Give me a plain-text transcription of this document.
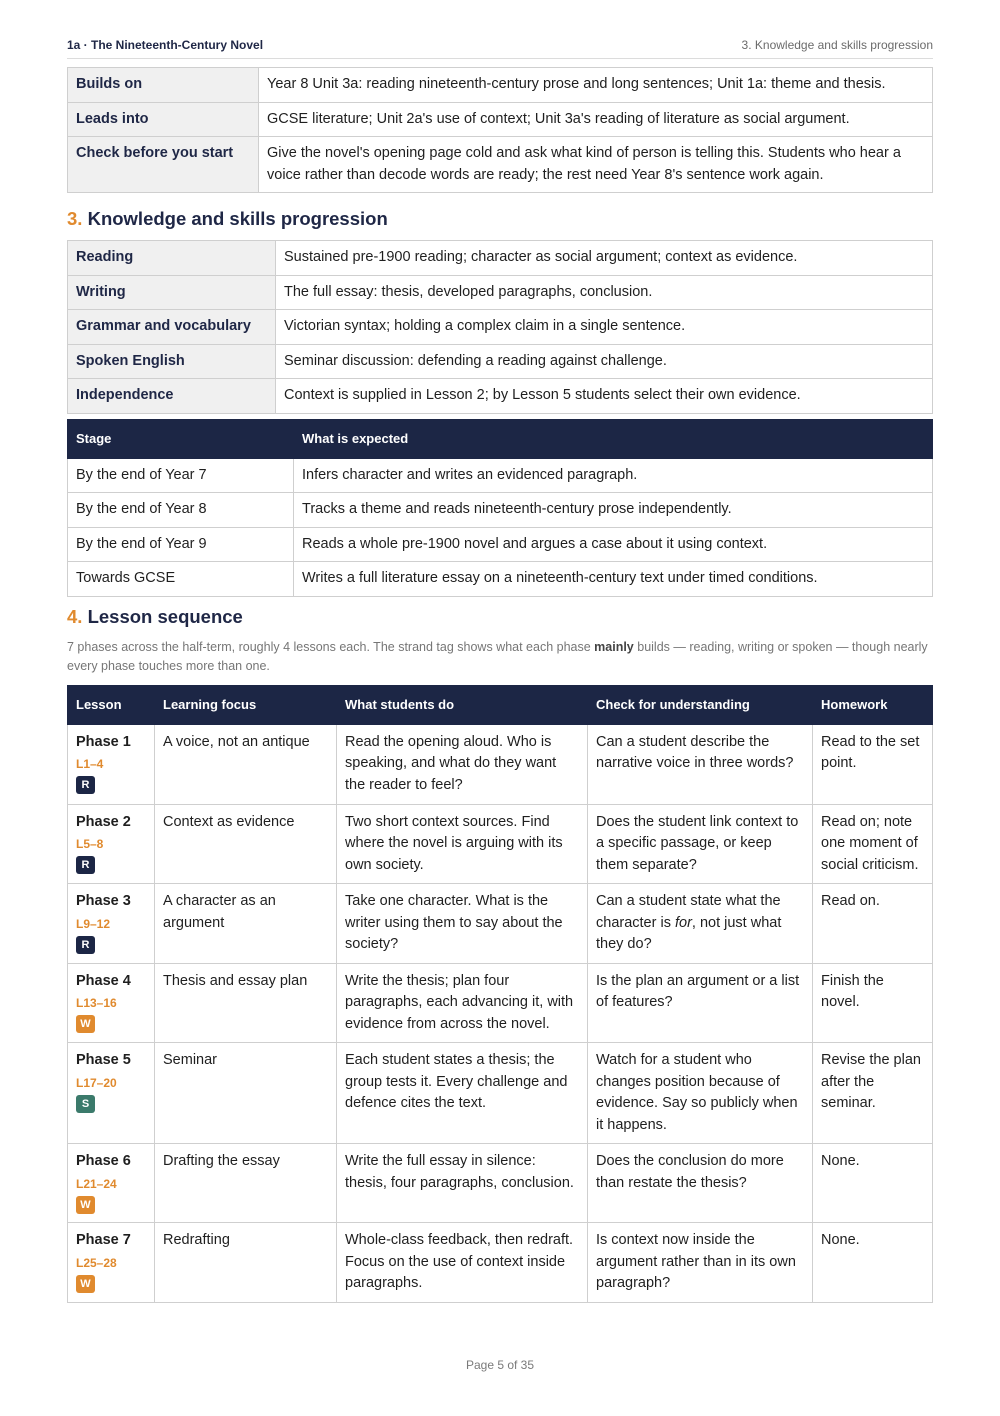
1a · The Nineteenth-Century Novel	3. Knowledge and skills progression
Builds on	Year 8 Unit 3a: reading nineteenth-century prose and long sentences; Unit 1a: theme and thesis.
Leads into	GCSE literature; Unit 2a's use of context; Unit 3a's reading of literature as social argument.
Check before you start	Give the novel's opening page cold and ask what kind of person is telling this. Students who hear a voice rather than decode words are ready; the rest need Year 8's sentence work again.
3. Knowledge and skills progression
Reading	Sustained pre-1900 reading; character as social argument; context as evidence.
Writing	The full essay: thesis, developed paragraphs, conclusion.
Grammar and vocabulary	Victorian syntax; holding a complex claim in a single sentence.
Spoken English	Seminar discussion: defending a reading against challenge.
Independence	Context is supplied in Lesson 2; by Lesson 5 students select their own evidence.
Stage	What is expected
By the end of Year 7	Infers character and writes an evidenced paragraph.
By the end of Year 8	Tracks a theme and reads nineteenth-century prose independently.
By the end of Year 9	Reads a whole pre-1900 novel and argues a case about it using context.
Towards GCSE	Writes a full literature essay on a nineteenth-century text under timed conditions.
4. Lesson sequence

7 phases across the half-term, roughly 4 lessons each. The strand tag shows what each phase mainly builds — reading, writing or spoken — though nearly every phase touches more than one.

Lesson	Learning focus	What students do	Check for understanding	Homework

Phase 1
L1–4
R	A voice, not an antique	Read the opening aloud. Who is speaking, and what do they want the reader to feel?	Can a student describe the narrative voice in three words?	Read to the set point.

Phase 2
L5–8
R	Context as evidence	Two short context sources. Find where the novel is arguing with its own society.	Does the student link context to a specific passage, or keep them separate?	Read on; note one moment of social criticism.

Phase 3
L9–12
R	A character as an argument	Take one character. What is the writer using them to say about the society?	Can a student state what the character is for, not just what they do?	Read on.

Phase 4
L13–16
W	Thesis and essay plan	Write the thesis; plan four paragraphs, each advancing it, with evidence from across the novel.	Is the plan an argument or a list of features?	Finish the novel.

Phase 5
L17–20
S	Seminar	Each student states a thesis; the group tests it. Every challenge and defence cites the text.	Watch for a student who changes position because of evidence. Say so publicly when it happens.	Revise the plan after the seminar.

Phase 6
L21–24
W	Drafting the essay	Write the full essay in silence: thesis, four paragraphs, conclusion.	Does the conclusion do more than restate the thesis?	None.

Phase 7
L25–28
W	Redrafting	Whole-class feedback, then redraft. Focus on the use of context inside paragraphs.	Is context now inside the argument rather than in its own paragraph?	None.
Page 5 of 35
